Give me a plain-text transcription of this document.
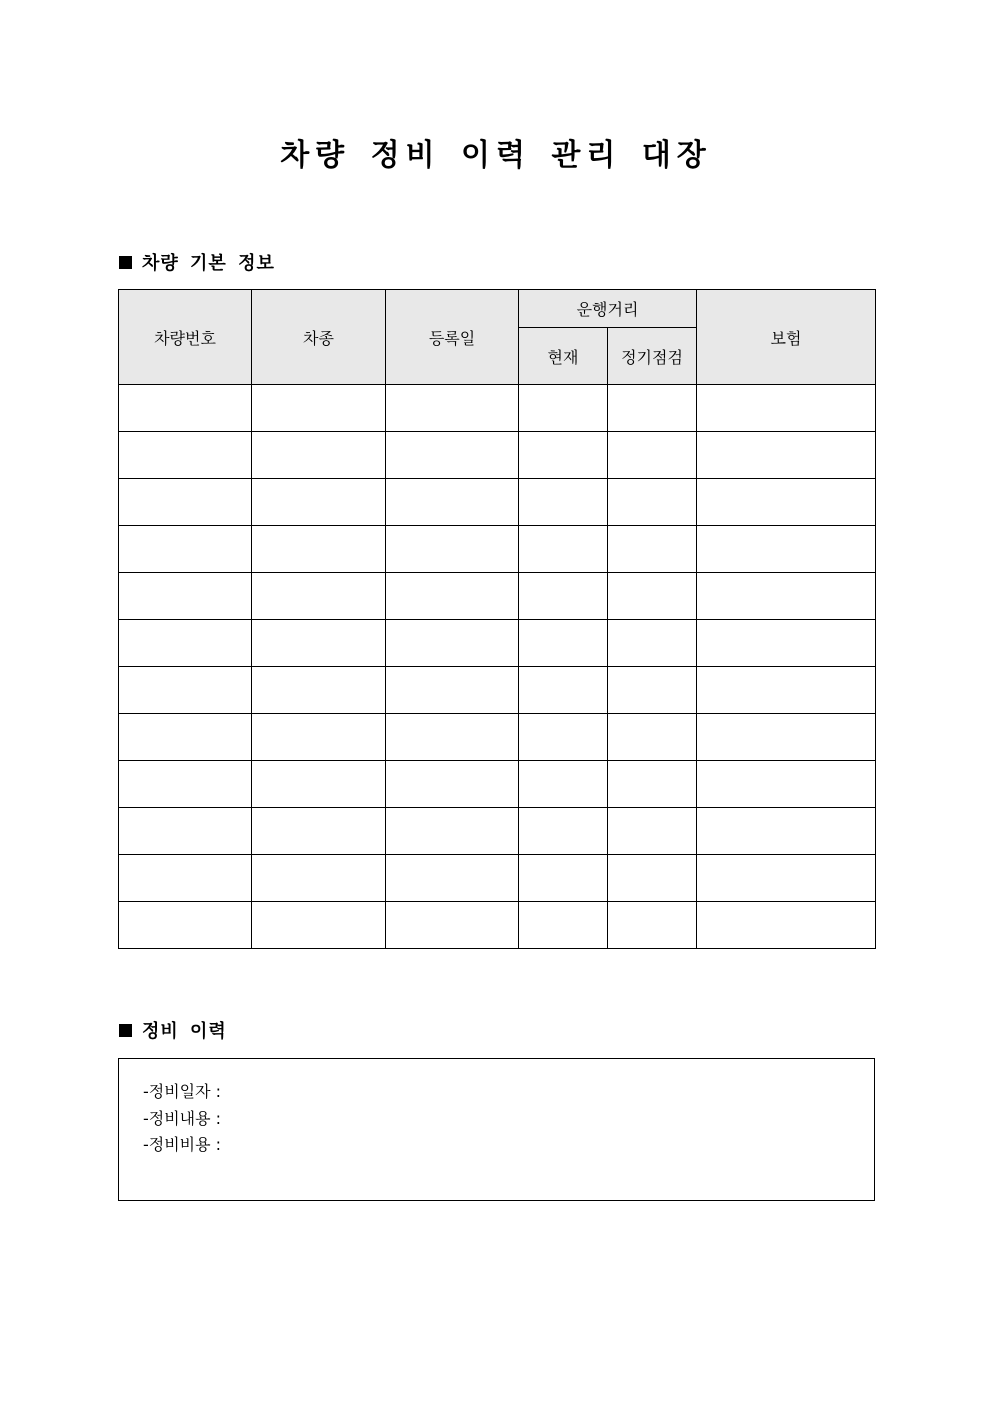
차량 정비 이력 관리 대장
차량 기본 정보
차량번호	차종	등록일	운행거리		보험
			현재	정기점검	

정비 이력
-정비일자 :
-정비내용 :
-정비비용 :
